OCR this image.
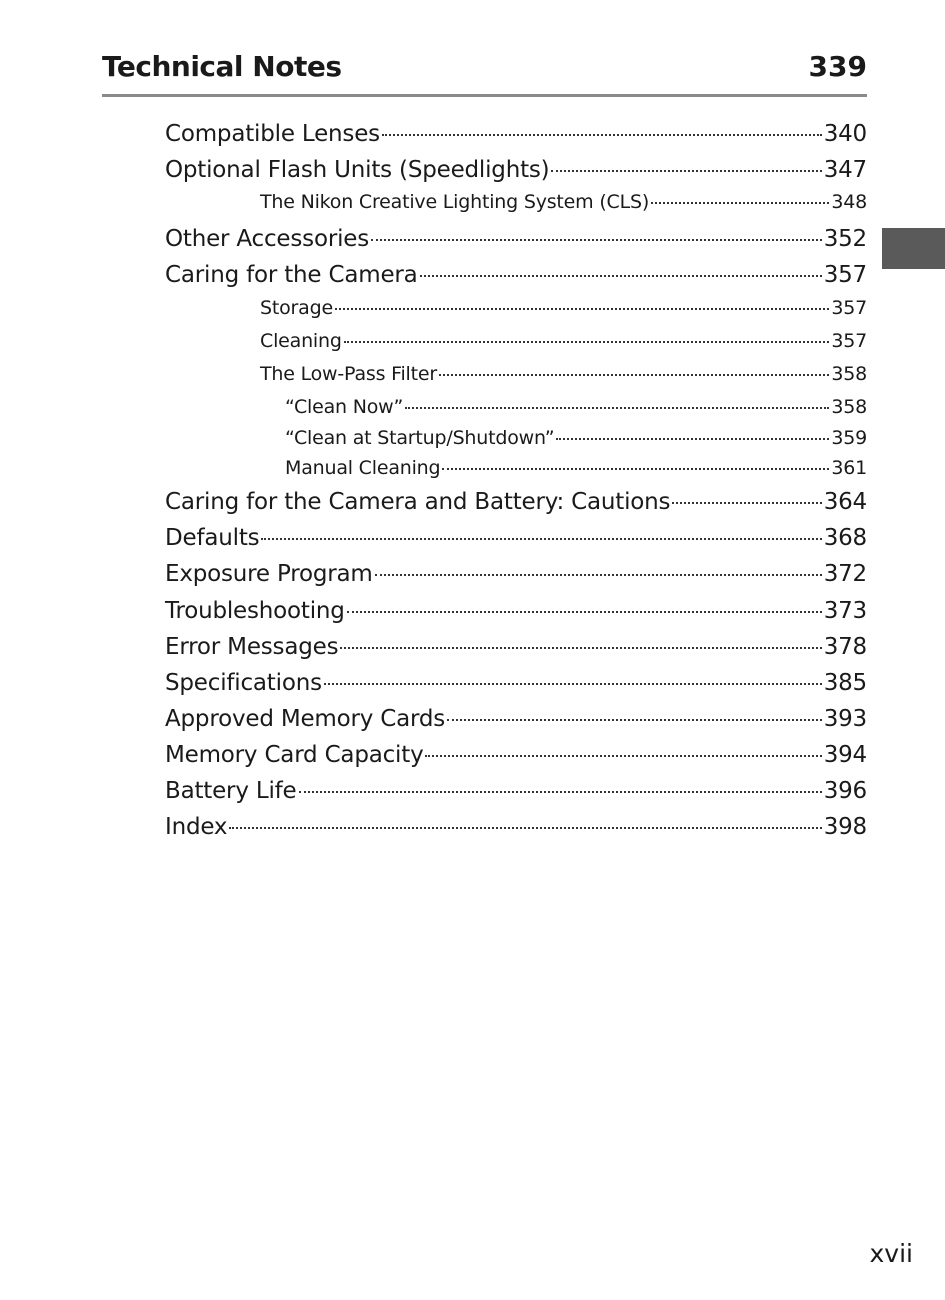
Technical Notes	339
Compatible Lenses	340
Optional Flash Units (Speedlights)	347
The Nikon Creative Lighting System (CLS)	348
Other Accessories	352
Caring for the Camera	357
Storage	357
Cleaning	357
The Low-Pass Filter	358
“Clean Now”	358
“Clean at Startup/Shutdown”	359
Manual Cleaning	361
Caring for the Camera and Battery: Cautions	364
Defaults	368
Exposure Program	372
Troubleshooting	373
Error Messages	378
Specifications	385
Approved Memory Cards	393
Memory Card Capacity	394
Battery Life	396
Index	398
xvii
